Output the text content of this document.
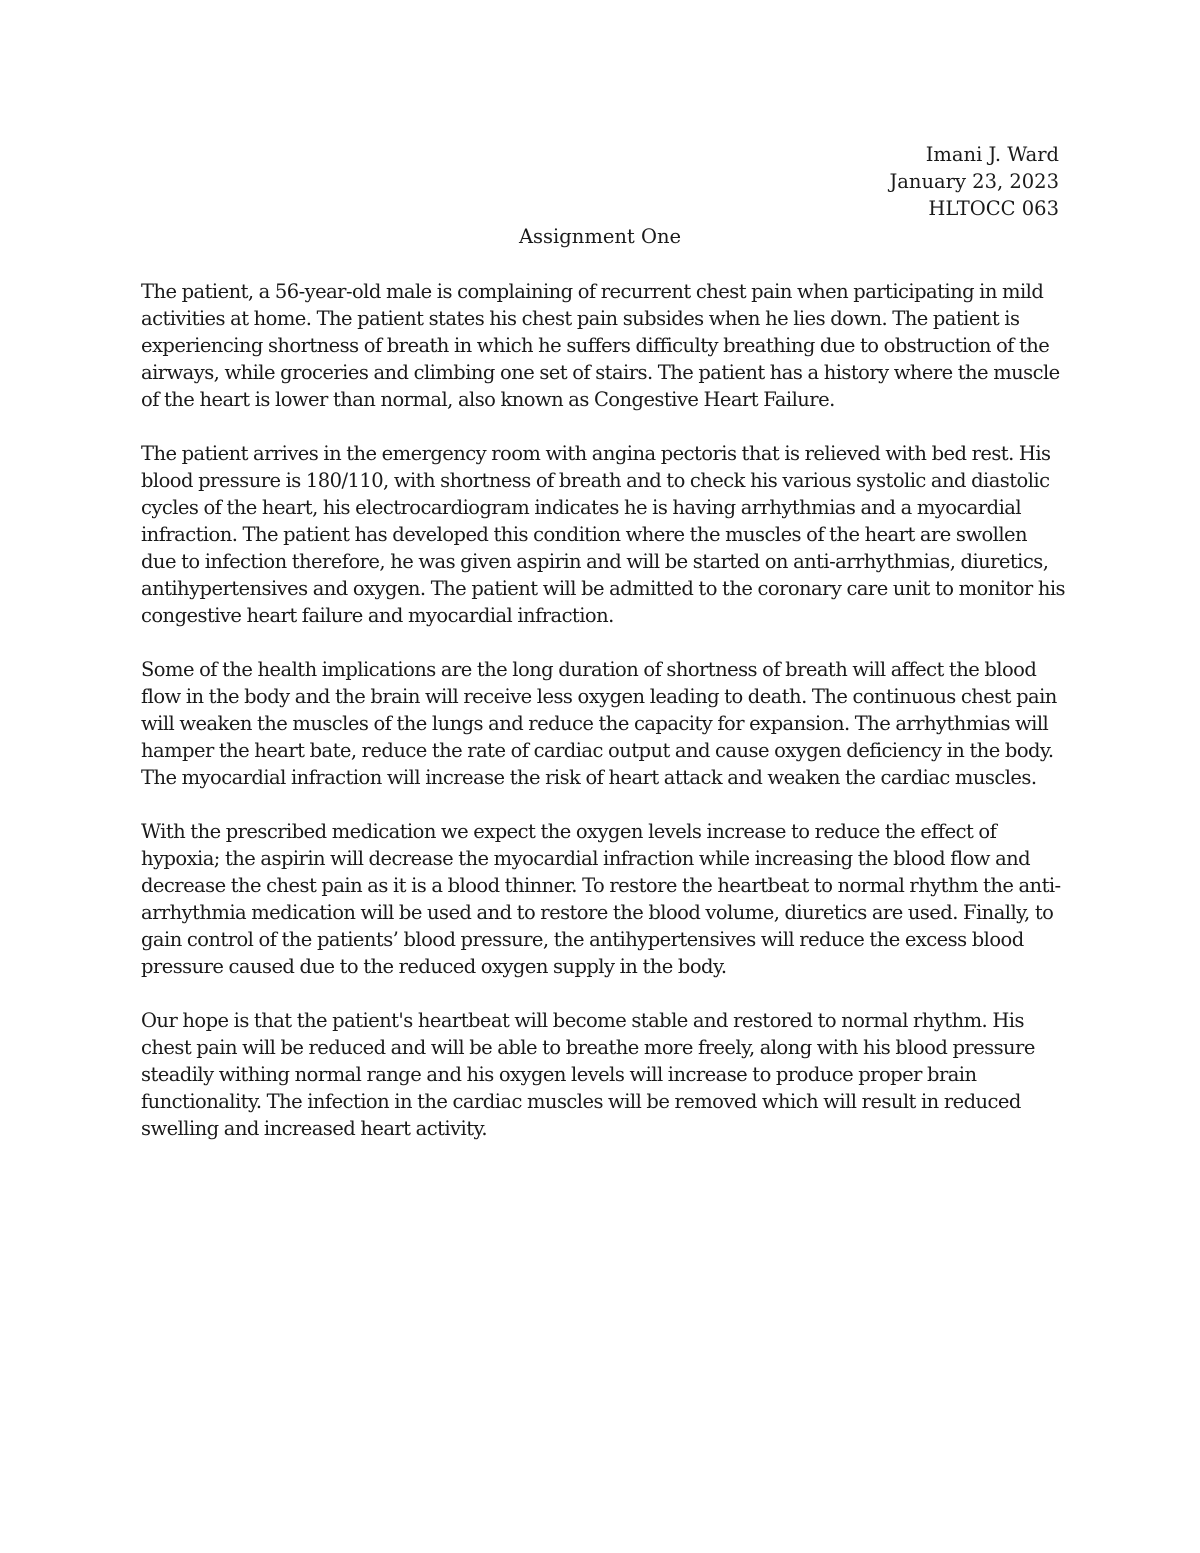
Imani J. Ward
January 23, 2023
HLTOCC 063
Assignment One

The patient, a 56-year-old male is complaining of recurrent chest pain when participating in mild activities at home. The patient states his chest pain subsides when he lies down. The patient is experiencing shortness of breath in which he suffers difficulty breathing due to obstruction of the airways, while groceries and climbing one set of stairs. The patient has a history where the muscle of the heart is lower than normal, also known as Congestive Heart Failure.

The patient arrives in the emergency room with angina pectoris that is relieved with bed rest. His blood pressure is 180/110, with shortness of breath and to check his various systolic and diastolic cycles of the heart, his electrocardiogram indicates he is having arrhythmias and a myocardial infraction. The patient has developed this condition where the muscles of the heart are swollen due to infection therefore, he was given aspirin and will be started on anti-arrhythmias, diuretics, antihypertensives and oxygen. The patient will be admitted to the coronary care unit to monitor his congestive heart failure and myocardial infraction.

Some of the health implications are the long duration of shortness of breath will affect the blood flow in the body and the brain will receive less oxygen leading to death. The continuous chest pain will weaken the muscles of the lungs and reduce the capacity for expansion. The arrhythmias will hamper the heart bate, reduce the rate of cardiac output and cause oxygen deficiency in the body. The myocardial infraction will increase the risk of heart attack and weaken the cardiac muscles.

With the prescribed medication we expect the oxygen levels increase to reduce the effect of hypoxia; the aspirin will decrease the myocardial infraction while increasing the blood flow and decrease the chest pain as it is a blood thinner. To restore the heartbeat to normal rhythm the anti-arrhythmia medication will be used and to restore the blood volume, diuretics are used. Finally, to gain control of the patients’ blood pressure, the antihypertensives will reduce the excess blood pressure caused due to the reduced oxygen supply in the body.

Our hope is that the patient's heartbeat will become stable and restored to normal rhythm. His chest pain will be reduced and will be able to breathe more freely, along with his blood pressure steadily withing normal range and his oxygen levels will increase to produce proper brain functionality. The infection in the cardiac muscles will be removed which will result in reduced swelling and increased heart activity.
